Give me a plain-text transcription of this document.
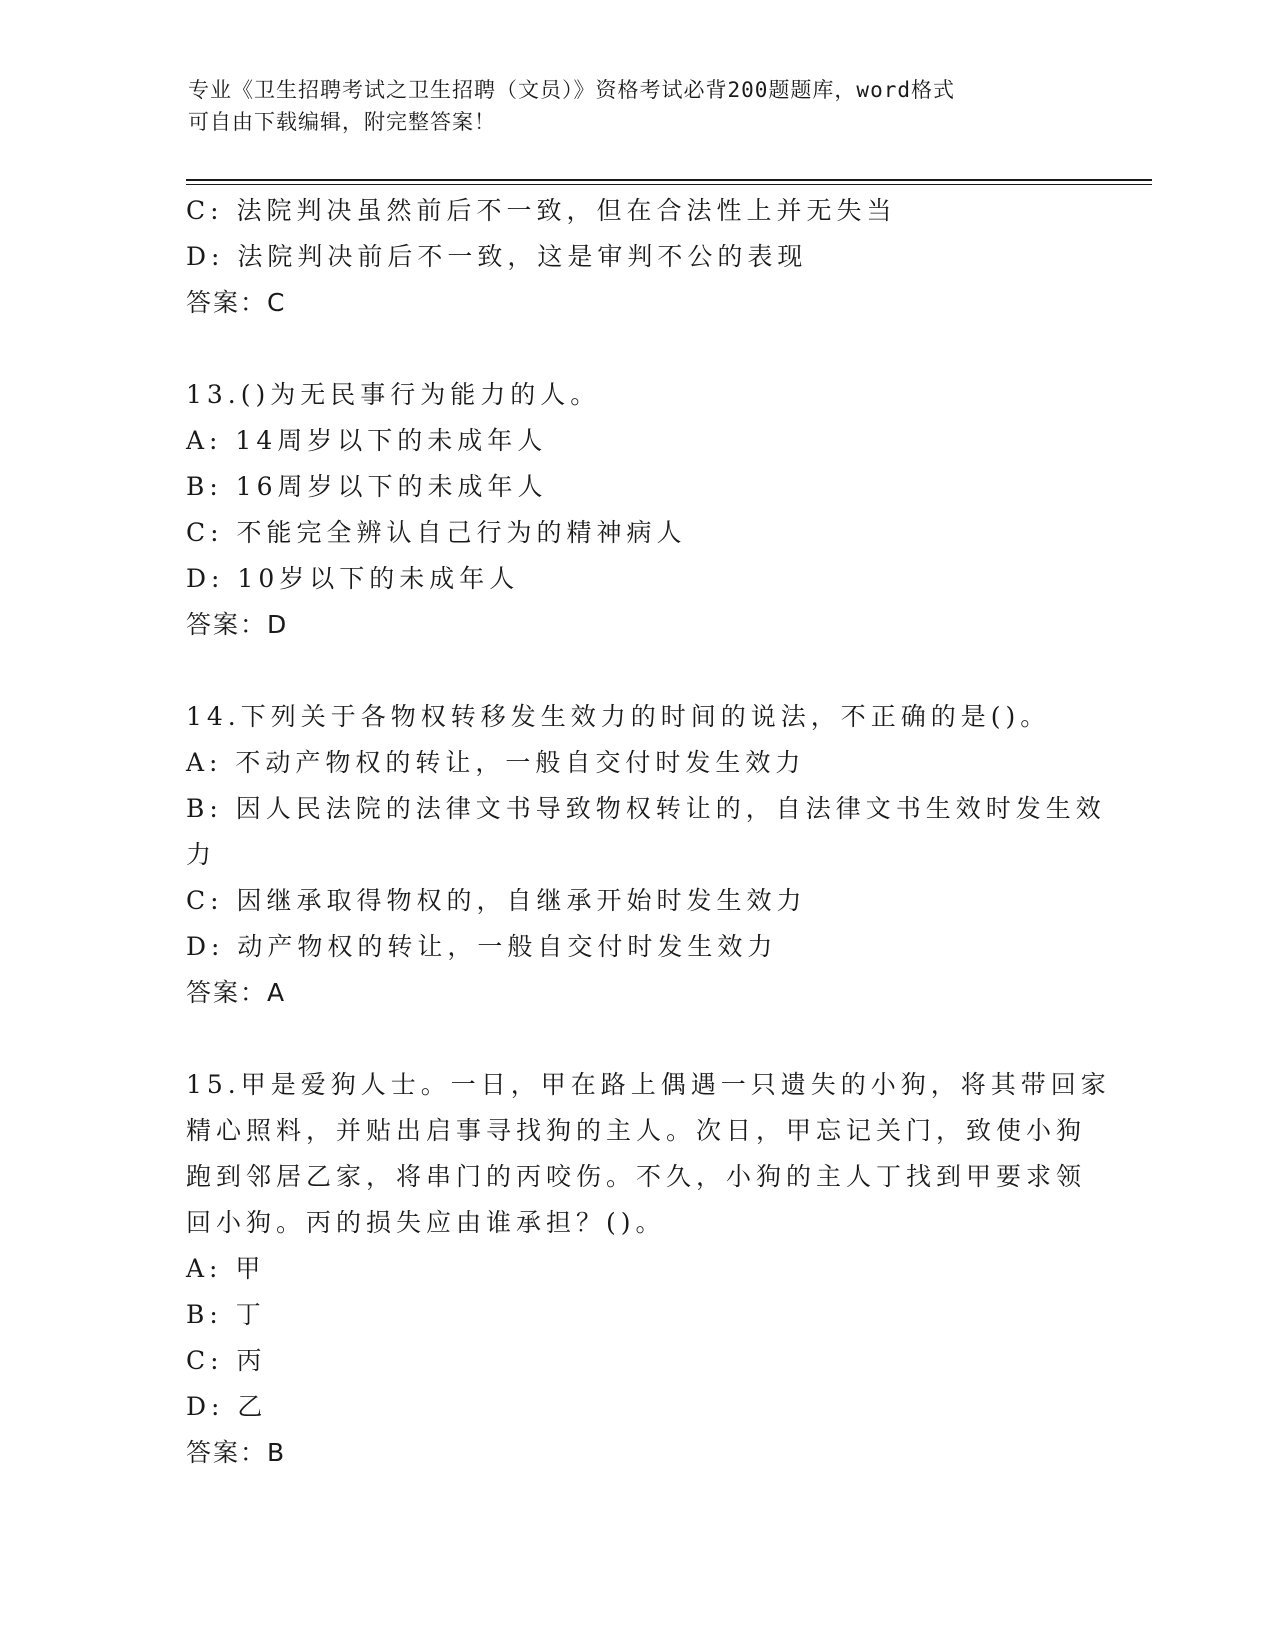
专业《卫生招聘考试之卫生招聘（文员）》资格考试必背200题题库，word格式
可自由下载编辑，附完整答案！
C: 法院判决虽然前后不一致，但在合法性上并无失当
D: 法院判决前后不一致，这是审判不公的表现
答案：C
13.()为无民事行为能力的人。
A: 14周岁以下的未成年人
B: 16周岁以下的未成年人
C: 不能完全辨认自己行为的精神病人
D: 10岁以下的未成年人
答案：D
14.下列关于各物权转移发生效力的时间的说法，不正确的是()。
A: 不动产物权的转让，一般自交付时发生效力
B: 因人民法院的法律文书导致物权转让的，自法律文书生效时发生效
力
C: 因继承取得物权的，自继承开始时发生效力
D: 动产物权的转让，一般自交付时发生效力
答案：A
15.甲是爱狗人士。一日，甲在路上偶遇一只遗失的小狗，将其带回家
精心照料，并贴出启事寻找狗的主人。次日，甲忘记关门，致使小狗
跑到邻居乙家，将串门的丙咬伤。不久，小狗的主人丁找到甲要求领
回小狗。丙的损失应由谁承担？()。
A: 甲
B: 丁
C: 丙
D: 乙
答案：B
